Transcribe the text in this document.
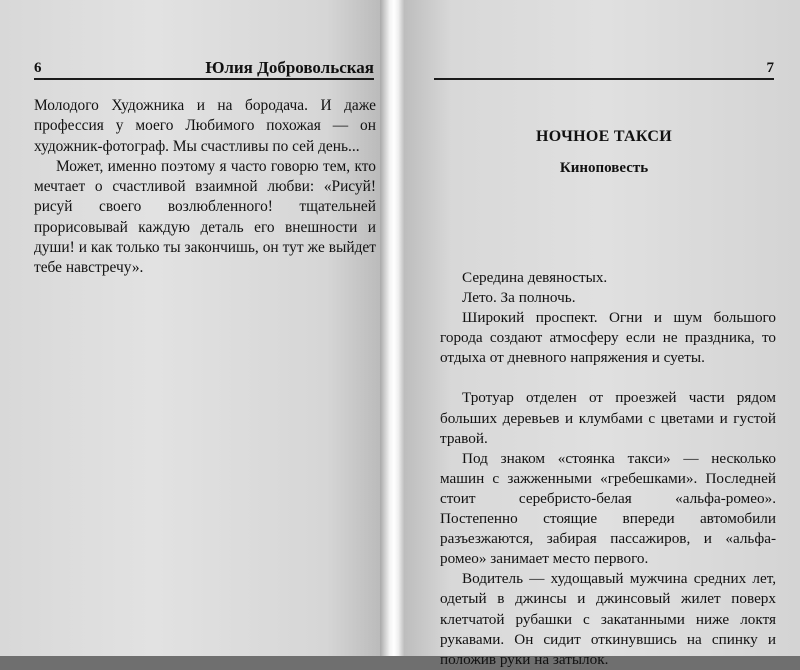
6	Юлия Добровольская

Молодого Художника и на бородача. И даже профессия у моего Любимого похожая — он художник-фотограф. Мы счастливы по сей день...

Может, именно поэтому я часто говорю тем, кто мечтает о счастливой взаимной любви: «Рисуй! рисуй своего возлюбленного! тщательней прорисовывай каждую деталь его внешности и души! и как только ты закончишь, он тут же выйдет тебе навстречу».

7
НОЧНОЕ ТАКСИ
Киноповесть

Середина девяностых.

Лето. За полночь.

Широкий проспект. Огни и шум большого города создают атмосферу если не праздника, то отдыха от дневного напряжения и суеты.

Тротуар отделен от проезжей части рядом больших деревьев и клумбами с цветами и густой травой.

Под знаком «стоянка такси» — несколько машин с зажженными «гребешками». Последней стоит серебристо-белая «альфа-ромео». Постепенно стоящие впереди автомобили разъезжаются, забирая пассажиров, и «альфа-ромео» занимает место первого.

Водитель — худощавый мужчина средних лет, одетый в джинсы и джинсовый жилет поверх клетчатой рубашки с закатанными ниже локтя рукавами. Он сидит откинувшись на спинку и положив руки на затылок.
